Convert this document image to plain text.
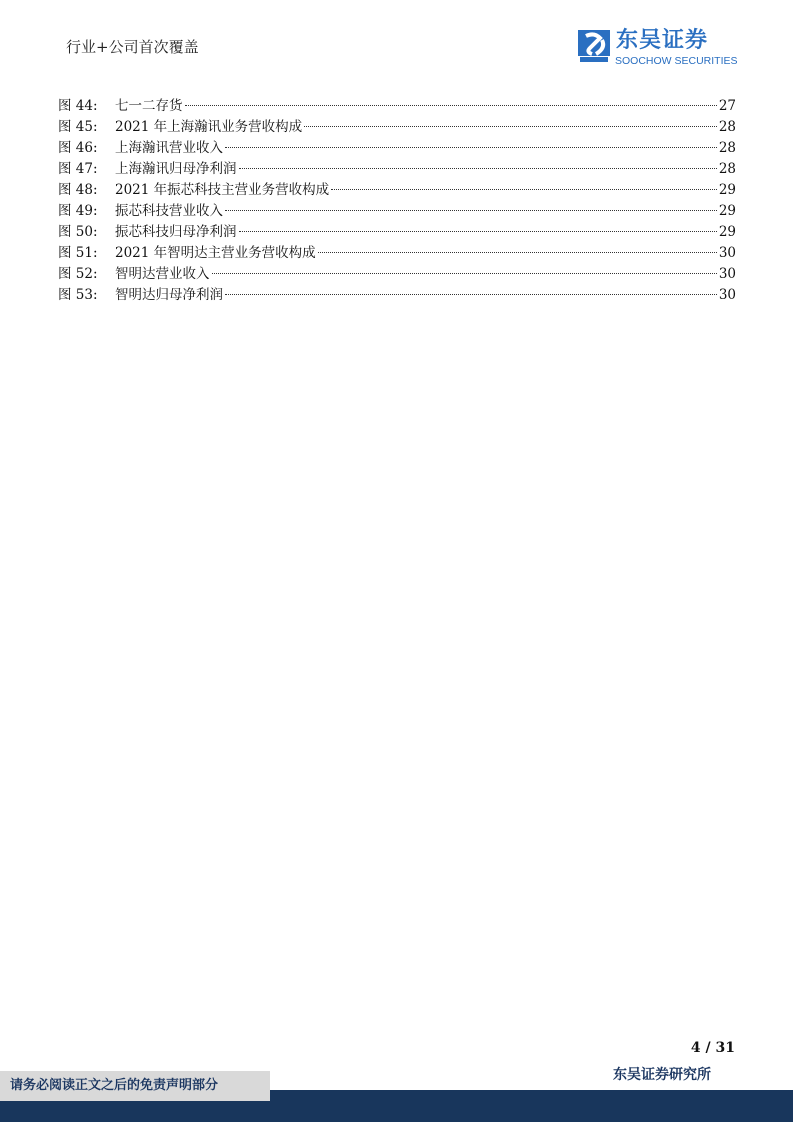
行业+公司首次覆盖	东吴证券
SOOCHOW SECURITIES
图 44:	七一二存货	27
图 45:	2021 年上海瀚讯业务营收构成	28
图 46:	上海瀚讯营业收入	28
图 47:	上海瀚讯归母净利润	28
图 48:	2021 年振芯科技主营业务营收构成	29
图 49:	振芯科技营业收入	29
图 50:	振芯科技归母净利润	29
图 51:	2021 年智明达主营业务营收构成	30
图 52:	智明达营业收入	30
图 53:	智明达归母净利润	30
4 / 31
东吴证券研究所
请务必阅读正文之后的免责声明部分
